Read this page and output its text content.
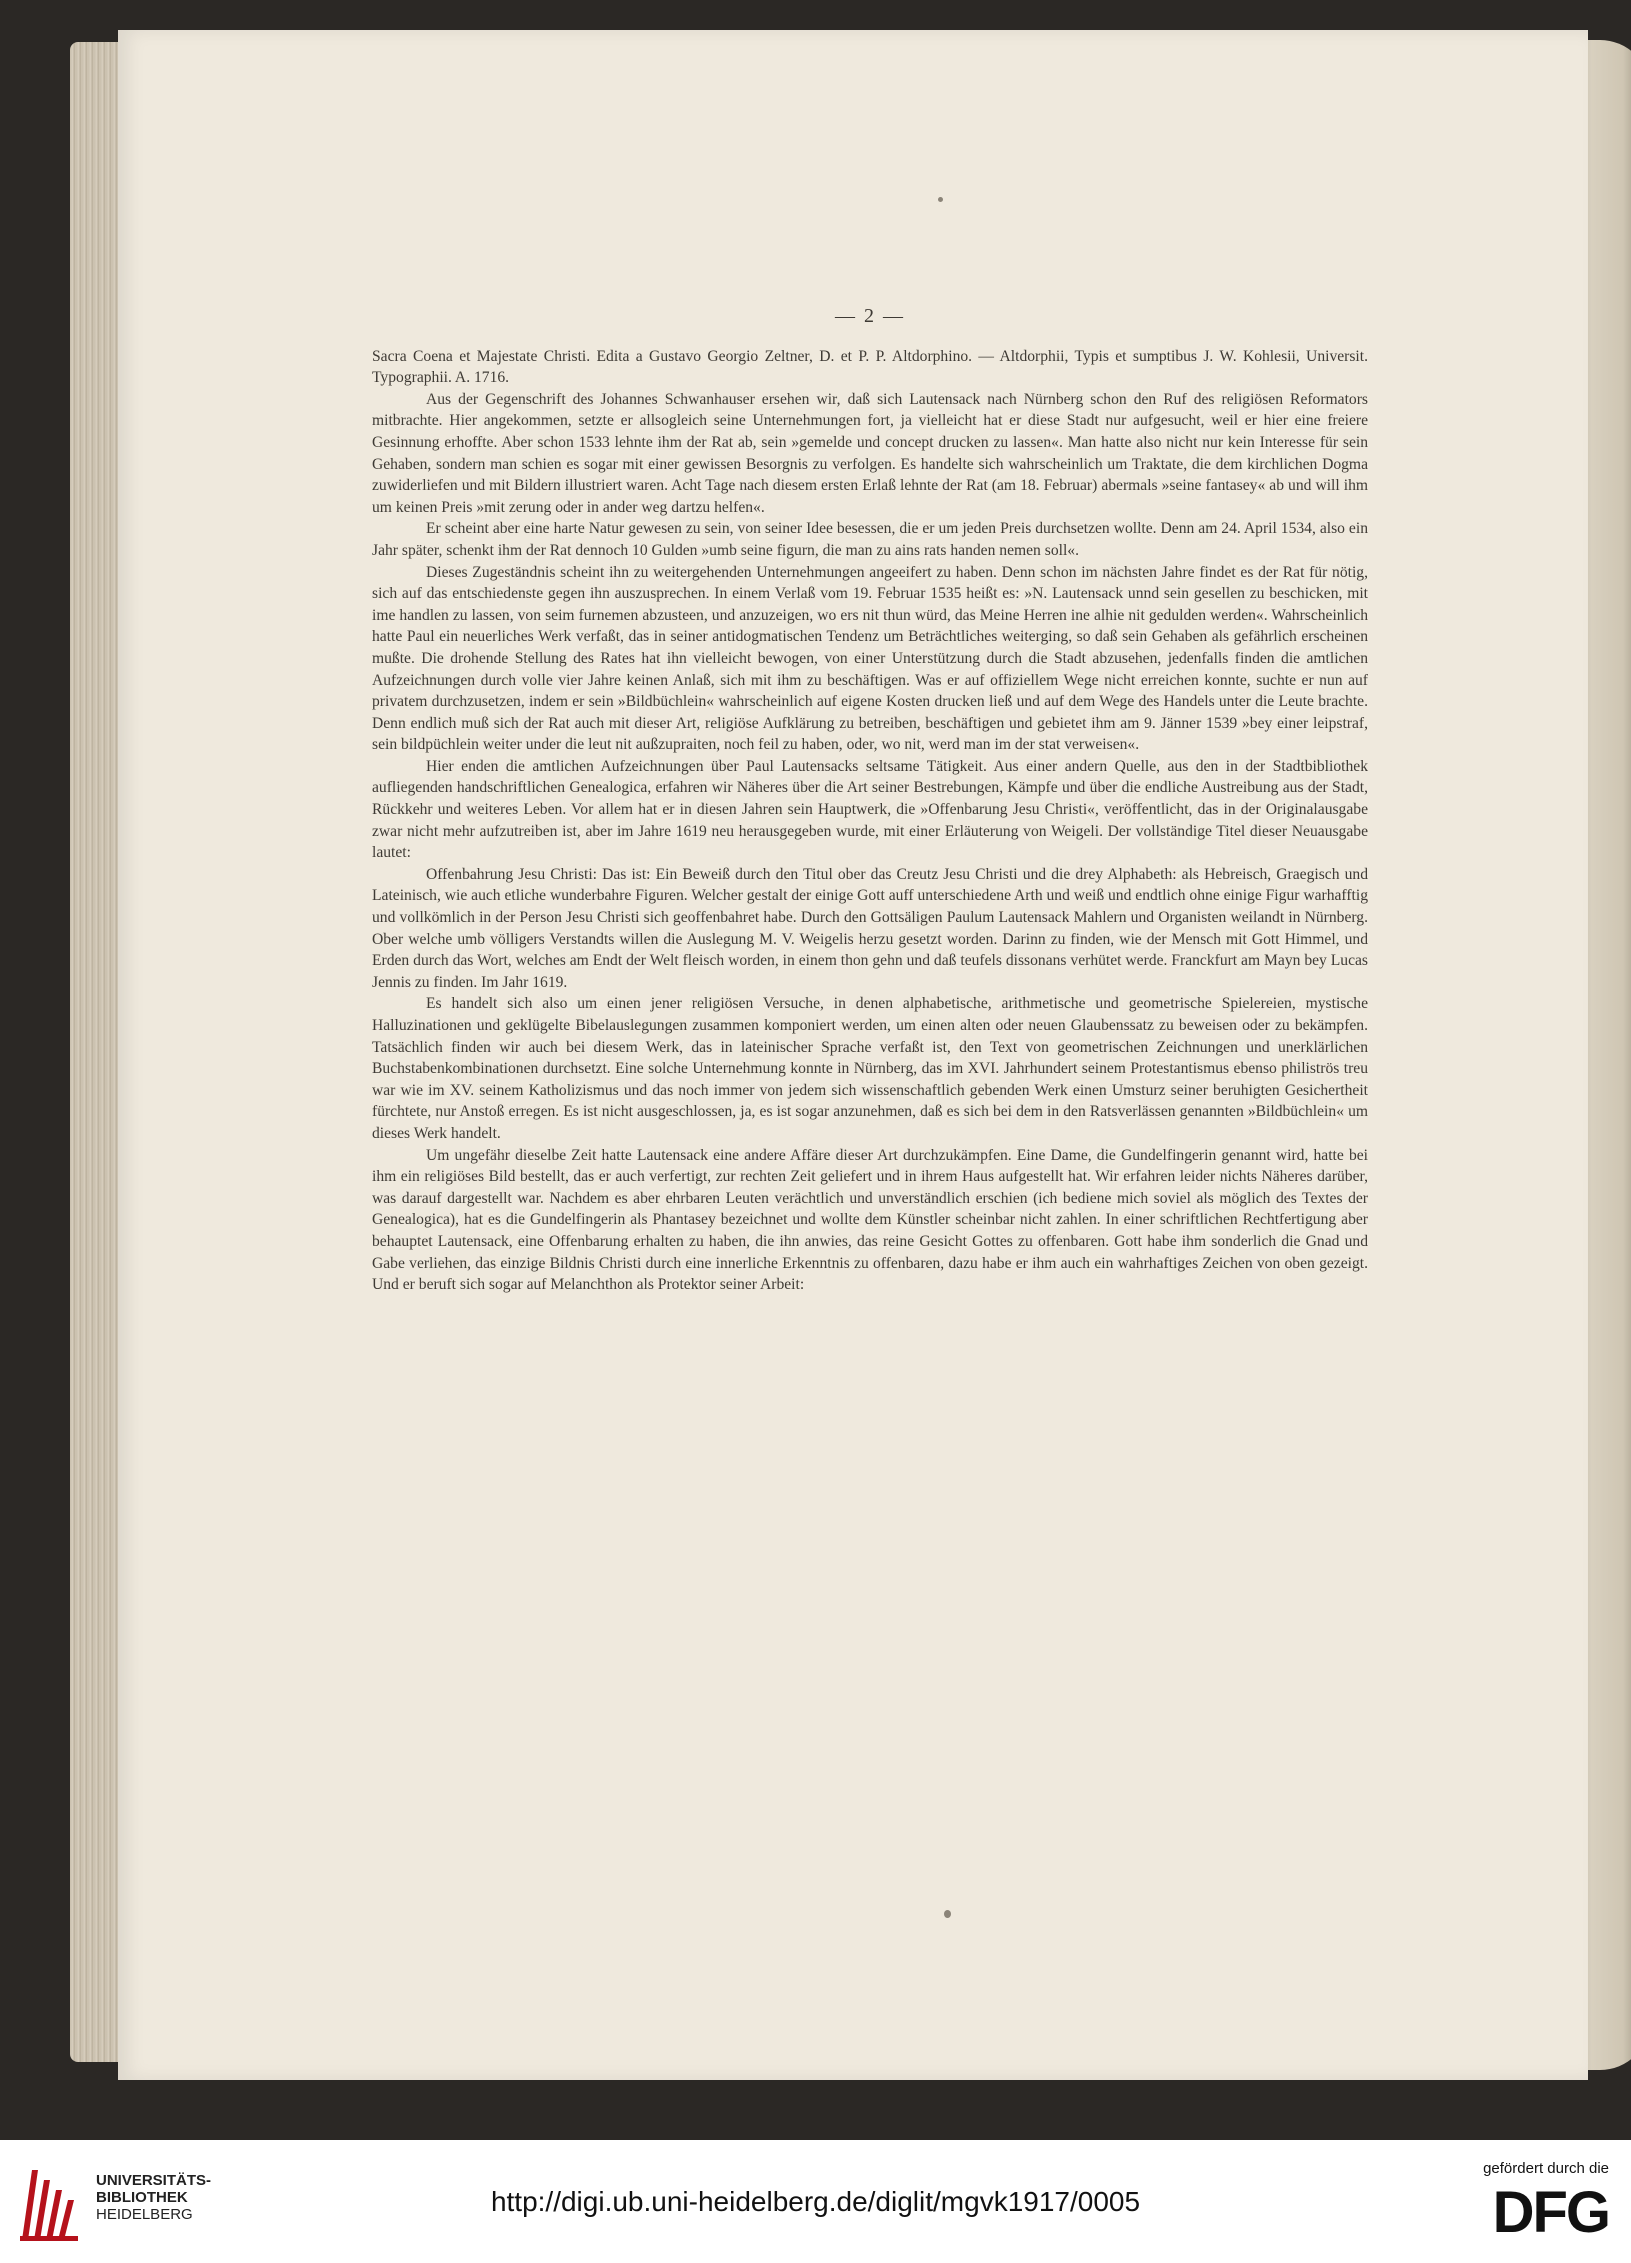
— 2 —

Sacra Coena et Majestate Christi. Edita a Gustavo Georgio Zeltner, D. et P. P. Altdorphino. — Altdorphii, Typis et sumptibus J. W. Kohlesii, Universit. Typographii. A. 1716.

Aus der Gegenschrift des Johannes Schwanhauser ersehen wir, daß sich Lautensack nach Nürnberg schon den Ruf des religiösen Reformators mitbrachte. Hier angekommen, setzte er allsogleich seine Unternehmungen fort, ja vielleicht hat er diese Stadt nur aufgesucht, weil er hier eine freiere Gesinnung erhoffte. Aber schon 1533 lehnte ihm der Rat ab, sein »gemelde und concept drucken zu lassen«. Man hatte also nicht nur kein Interesse für sein Gehaben, sondern man schien es sogar mit einer gewissen Besorgnis zu verfolgen. Es handelte sich wahrscheinlich um Traktate, die dem kirchlichen Dogma zuwiderliefen und mit Bildern illustriert waren. Acht Tage nach diesem ersten Erlaß lehnte der Rat (am 18. Februar) abermals »seine fantasey« ab und will ihm um keinen Preis »mit zerung oder in ander weg dartzu helfen«.

Er scheint aber eine harte Natur gewesen zu sein, von seiner Idee besessen, die er um jeden Preis durchsetzen wollte. Denn am 24. April 1534, also ein Jahr später, schenkt ihm der Rat dennoch 10 Gulden »umb seine figurn, die man zu ains rats handen nemen soll«.

Dieses Zugeständnis scheint ihn zu weitergehenden Unternehmungen angeeifert zu haben. Denn schon im nächsten Jahre findet es der Rat für nötig, sich auf das entschiedenste gegen ihn auszusprechen. In einem Verlaß vom 19. Februar 1535 heißt es: »N. Lautensack unnd sein gesellen zu beschicken, mit ime handlen zu lassen, von seim furnemen abzusteen, und anzuzeigen, wo ers nit thun würd, das Meine Herren ine alhie nit gedulden werden«. Wahrscheinlich hatte Paul ein neuerliches Werk verfaßt, das in seiner antidogmatischen Tendenz um Beträchtliches weiterging, so daß sein Gehaben als gefährlich erscheinen mußte. Die drohende Stellung des Rates hat ihn vielleicht bewogen, von einer Unterstützung durch die Stadt abzusehen, jedenfalls finden die amtlichen Aufzeichnungen durch volle vier Jahre keinen Anlaß, sich mit ihm zu beschäftigen. Was er auf offiziellem Wege nicht erreichen konnte, suchte er nun auf privatem durchzusetzen, indem er sein »Bildbüchlein« wahrscheinlich auf eigene Kosten drucken ließ und auf dem Wege des Handels unter die Leute brachte. Denn endlich muß sich der Rat auch mit dieser Art, religiöse Aufklärung zu betreiben, beschäftigen und gebietet ihm am 9. Jänner 1539 »bey einer leipstraf, sein bildpüchlein weiter under die leut nit außzupraiten, noch feil zu haben, oder, wo nit, werd man im der stat verweisen«.

Hier enden die amtlichen Aufzeichnungen über Paul Lautensacks seltsame Tätigkeit. Aus einer andern Quelle, aus den in der Stadtbibliothek aufliegenden handschriftlichen Genealogica, erfahren wir Näheres über die Art seiner Bestrebungen, Kämpfe und über die endliche Austreibung aus der Stadt, Rückkehr und weiteres Leben. Vor allem hat er in diesen Jahren sein Hauptwerk, die »Offenbarung Jesu Christi«, veröffentlicht, das in der Originalausgabe zwar nicht mehr aufzutreiben ist, aber im Jahre 1619 neu herausgegeben wurde, mit einer Erläuterung von Weigeli. Der vollständige Titel dieser Neuausgabe lautet:

Offenbahrung Jesu Christi: Das ist: Ein Beweiß durch den Titul ober das Creutz Jesu Christi und die drey Alphabeth: als Hebreisch, Graegisch und Lateinisch, wie auch etliche wunderbahre Figuren. Welcher gestalt der einige Gott auff unterschiedene Arth und weiß und endtlich ohne einige Figur warhafftig und vollkömlich in der Person Jesu Christi sich geoffenbahret habe. Durch den Gottsäligen Paulum Lautensack Mahlern und Organisten weilandt in Nürnberg. Ober welche umb völligers Verstandts willen die Auslegung M. V. Weigelis herzu gesetzt worden. Darinn zu finden, wie der Mensch mit Gott Himmel, und Erden durch das Wort, welches am Endt der Welt fleisch worden, in einem thon gehn und daß teufels dissonans verhütet werde. Franckfurt am Mayn bey Lucas Jennis zu finden. Im Jahr 1619.

Es handelt sich also um einen jener religiösen Versuche, in denen alphabetische, arithmetische und geometrische Spielereien, mystische Halluzinationen und geklügelte Bibelauslegungen zusammen komponiert werden, um einen alten oder neuen Glaubenssatz zu beweisen oder zu bekämpfen. Tatsächlich finden wir auch bei diesem Werk, das in lateinischer Sprache verfaßt ist, den Text von geometrischen Zeichnungen und unerklärlichen Buchstabenkombinationen durchsetzt. Eine solche Unternehmung konnte in Nürnberg, das im XVI. Jahrhundert seinem Protestantismus ebenso philiströs treu war wie im XV. seinem Katholizismus und das noch immer von jedem sich wissenschaftlich gebenden Werk einen Umsturz seiner beruhigten Gesichertheit fürchtete, nur Anstoß erregen. Es ist nicht ausgeschlossen, ja, es ist sogar anzunehmen, daß es sich bei dem in den Ratsverlässen genannten »Bildbüchlein« um dieses Werk handelt.

Um ungefähr dieselbe Zeit hatte Lautensack eine andere Affäre dieser Art durchzukämpfen. Eine Dame, die Gundelfingerin genannt wird, hatte bei ihm ein religiöses Bild bestellt, das er auch verfertigt, zur rechten Zeit geliefert und in ihrem Haus aufgestellt hat. Wir erfahren leider nichts Näheres darüber, was darauf dargestellt war. Nachdem es aber ehrbaren Leuten verächtlich und unverständlich erschien (ich bediene mich soviel als möglich des Textes der Genealogica), hat es die Gundelfingerin als Phantasey bezeichnet und wollte dem Künstler scheinbar nicht zahlen. In einer schriftlichen Rechtfertigung aber behauptet Lautensack, eine Offenbarung erhalten zu haben, die ihn anwies, das reine Gesicht Gottes zu offenbaren. Gott habe ihm sonderlich die Gnad und Gabe verliehen, das einzige Bildnis Christi durch eine innerliche Erkenntnis zu offenbaren, dazu habe er ihm auch ein wahrhaftiges Zeichen von oben gezeigt. Und er beruft sich sogar auf Melanchthon als Protektor seiner Arbeit:

UNIVERSITÄTS-
BIBLIOTHEK
HEIDELBERG	http://digi.ub.uni-heidelberg.de/diglit/mgvk1917/0005
gefördert durch die
DFG
